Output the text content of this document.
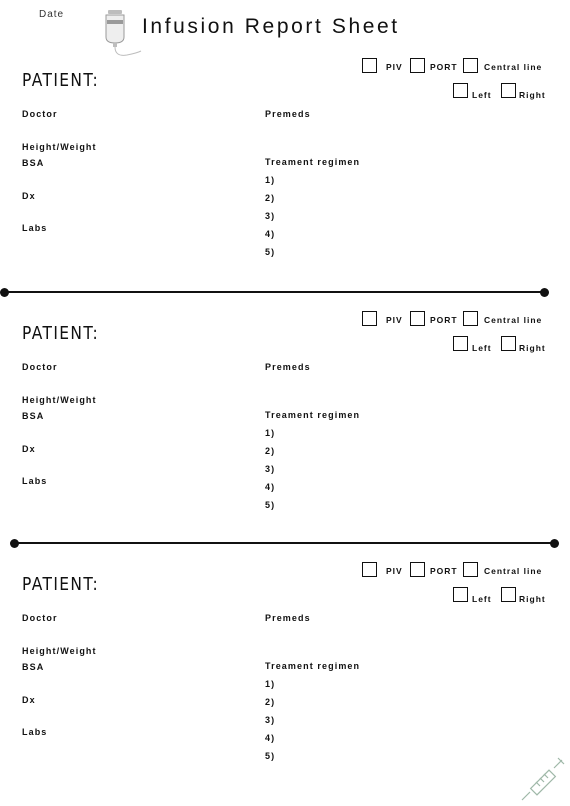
Date
Infusion Report Sheet
PATIENT:
PIV	PORT	Central line
Left	Right
Doctor	Premeds
Height/Weight
BSA	Treament regimen
Dx
Labs
1)
2)
3)
4)
5)
PATIENT:
PIV	PORT	Central line
Left	Right
Doctor	Premeds
Height/Weight
BSA	Treament regimen
Dx
Labs
1)
2)
3)
4)
5)
PATIENT:
PIV	PORT	Central line
Left	Right
Doctor	Premeds
Height/Weight
BSA	Treament regimen
Dx
Labs
1)
2)
3)
4)
5)
